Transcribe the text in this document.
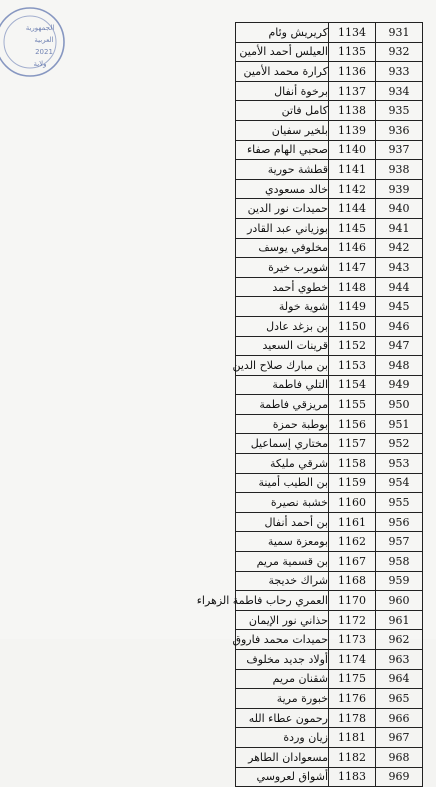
الجمهورية
العربية
2021
ولاية
كريريش وئام	1134	931
العيلس أحمد الأمين	1135	932
كرارة محمد الأمين	1136	933
برخوة أنفال	1137	934
كامل فاتن	1138	935
بلخير سفيان	1139	936
صحبي الهام صفاء	1140	937
قطشة حورية	1141	938
خالد مسعودي	1142	939
حميدات نور الدين	1144	940
بوزياني عبد القادر	1145	941
مخلوفي يوسف	1146	942
شويرب خيرة	1147	943
خطوي أحمد	1148	944
شوية خولة	1149	945
بن بزغد عادل	1150	946
قرينات السعيد	1152	947
بن مبارك صلاح الدين	1153	948
التلي فاطمة	1154	949
مريزقي فاطمة	1155	950
بوطبة حمزة	1156	951
مختاري إسماعيل	1157	952
شرقي مليكة	1158	953
بن الطيب أمينة	1159	954
خشبة نصيرة	1160	955
بن أحمد أنفال	1161	956
بومعزة سمية	1162	957
بن قسمية مريم	1167	958
شراك خديجة	1168	959
العمري رحاب فاطمة الزهراء	1170	960
حذاني نور الإيمان	1172	961
حميدات محمد فاروق	1173	962
أولاد جديد مخلوف	1174	963
شقنان مريم	1175	964
خبورة مرية	1176	965
رحمون عطاء الله	1178	966
زيان وردة	1181	967
مسعوادان الطاهر	1182	968
أشواق لعروسي	1183	969
